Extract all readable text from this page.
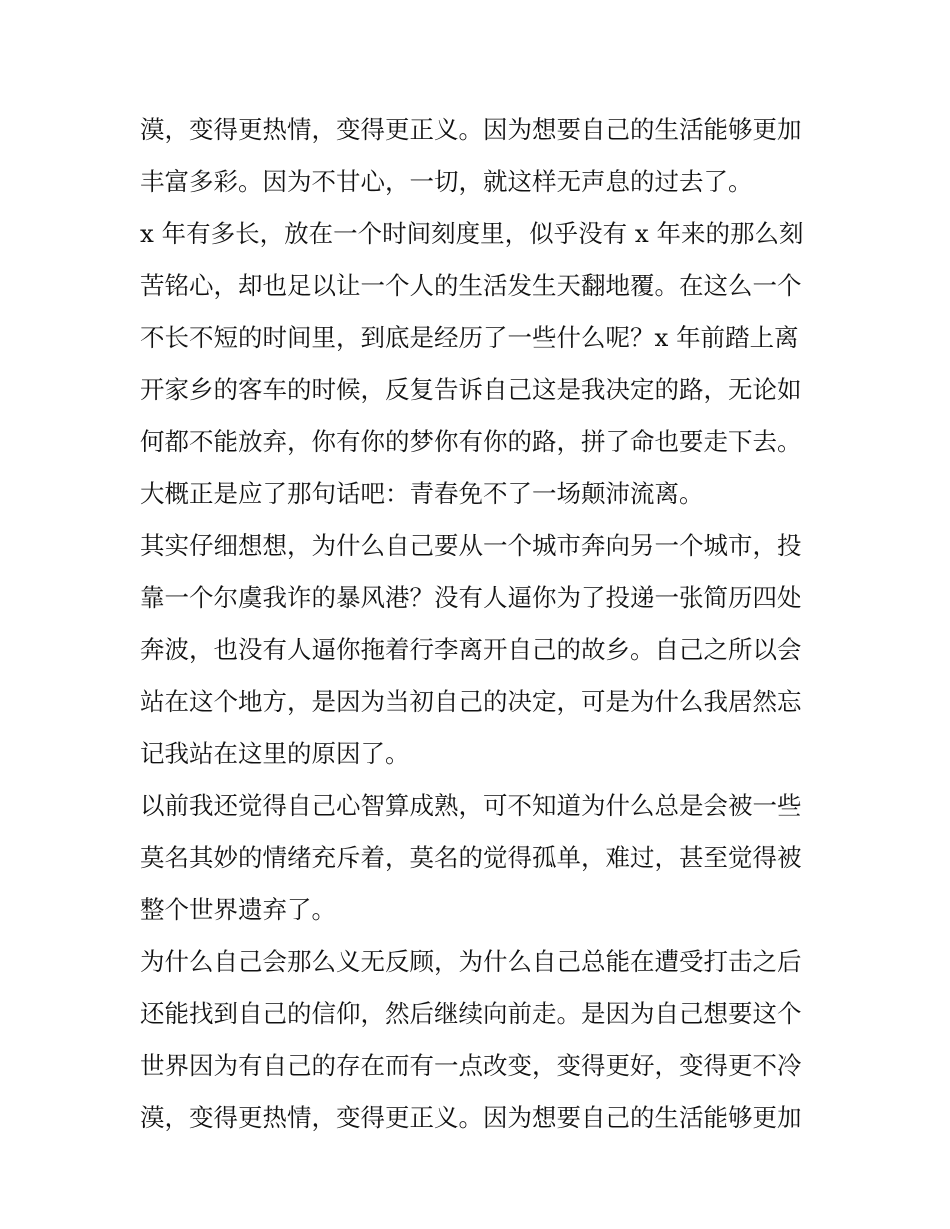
漠，变得更热情，变得更正义。因为想要自己的生活能够更加
丰富多彩。因为不甘心，一切，就这样无声息的过去了。
x 年有多长，放在一个时间刻度里，似乎没有 x 年来的那么刻
苦铭心，却也足以让一个人的生活发生天翻地覆。在这么一个
不长不短的时间里，到底是经历了一些什么呢？x 年前踏上离
开家乡的客车的时候，反复告诉自己这是我决定的路，无论如
何都不能放弃，你有你的梦你有你的路，拼了命也要走下去。
大概正是应了那句话吧：青春免不了一场颠沛流离。
其实仔细想想，为什么自己要从一个城市奔向另一个城市，投
靠一个尔虞我诈的暴风港？没有人逼你为了投递一张简历四处
奔波，也没有人逼你拖着行李离开自己的故乡。自己之所以会
站在这个地方，是因为当初自己的决定，可是为什么我居然忘
记我站在这里的原因了。
以前我还觉得自己心智算成熟，可不知道为什么总是会被一些
莫名其妙的情绪充斥着，莫名的觉得孤单，难过，甚至觉得被
整个世界遗弃了。
为什么自己会那么义无反顾，为什么自己总能在遭受打击之后
还能找到自己的信仰，然后继续向前走。是因为自己想要这个
世界因为有自己的存在而有一点改变，变得更好，变得更不冷
漠，变得更热情，变得更正义。因为想要自己的生活能够更加
